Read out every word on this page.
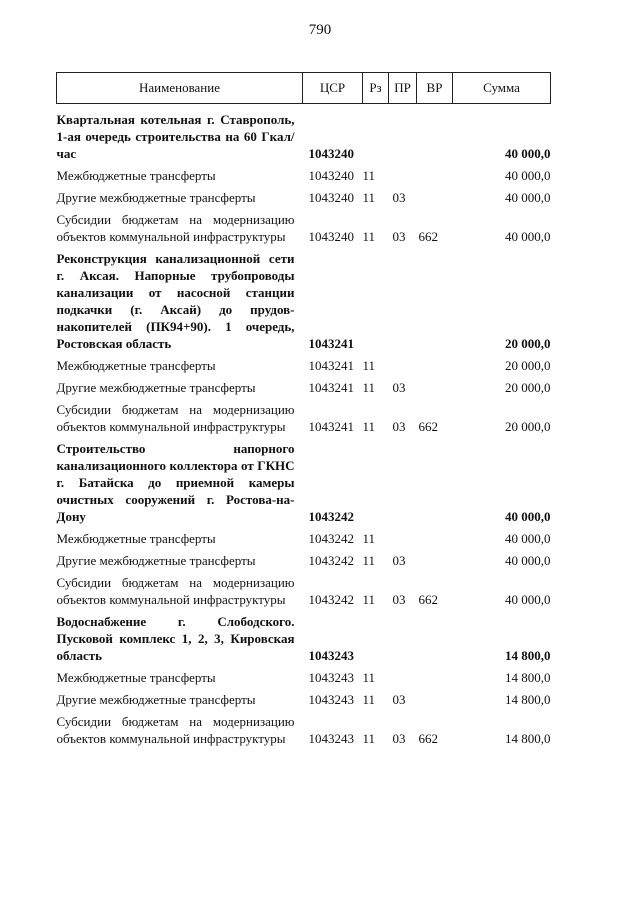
790
Наименование	ЦСР	Рз	ПР	ВР	Сумма
Квартальная котельная г. Ставрополь, 1-ая очередь строительства на 60 Гкал/час	1043240				40 000,0
Межбюджетные трансферты	1043240	11			40 000,0
Другие межбюджетные трансферты	1043240	11	03		40 000,0
Субсидии бюджетам на модернизацию объектов коммунальной инфраструктуры	1043240	11	03	662	40 000,0
Реконструкция канализационной сети г. Аксая. Напорные трубопроводы канализации от насосной станции подкачки (г. Аксай) до прудов-накопителей (ПК94+90). 1 очередь, Ростовская область	1043241				20 000,0
Межбюджетные трансферты	1043241	11			20 000,0
Другие межбюджетные трансферты	1043241	11	03		20 000,0
Субсидии бюджетам на модернизацию объектов коммунальной инфраструктуры	1043241	11	03	662	20 000,0
Строительство напорного канализационного коллектора от ГКНС г. Батайска до приемной камеры очистных сооружений г. Ростова-на-Дону	1043242				40 000,0
Межбюджетные трансферты	1043242	11			40 000,0
Другие межбюджетные трансферты	1043242	11	03		40 000,0
Субсидии бюджетам на модернизацию объектов коммунальной инфраструктуры	1043242	11	03	662	40 000,0
Водоснабжение г. Слободского. Пусковой комплекс 1, 2, 3, Кировская область	1043243				14 800,0
Межбюджетные трансферты	1043243	11			14 800,0
Другие межбюджетные трансферты	1043243	11	03		14 800,0
Субсидии бюджетам на модернизацию объектов коммунальной инфраструктуры	1043243	11	03	662	14 800,0
